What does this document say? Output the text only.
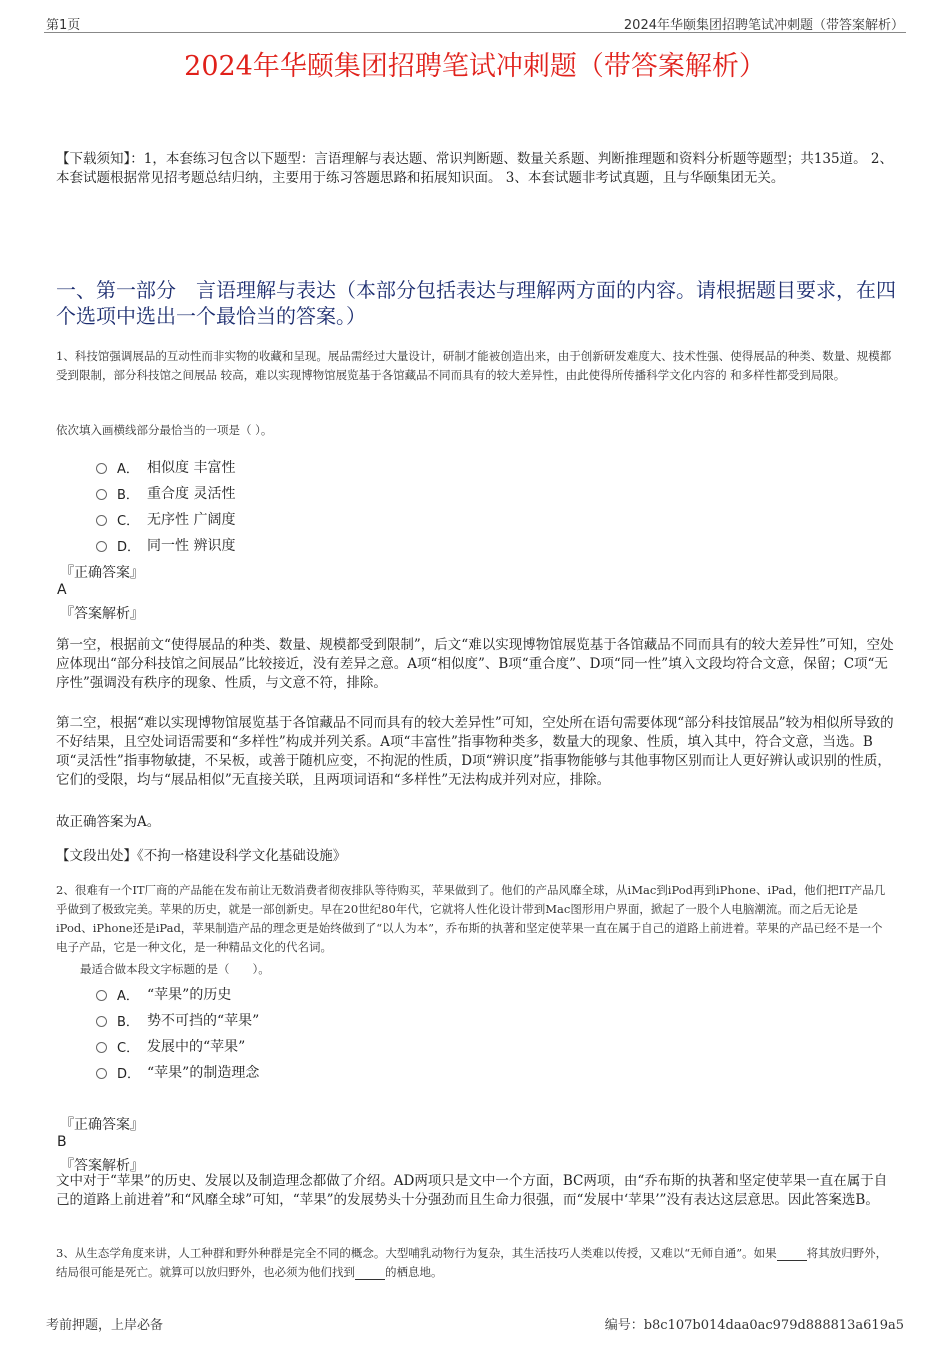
第1页	2024年华颐集团招聘笔试冲刺题（带答案解析）
2024年华颐集团招聘笔试冲刺题（带答案解析）
【下载须知】：1，本套练习包含以下题型：言语理解与表达题、常识判断题、数量关系题、判断推理题和资料分析题等题型；共135道。 2、本套试题根据常见招考题总结归纳，主要用于练习答题思路和拓展知识面。 3、本套试题非考试真题，且与华颐集团无关。
一、第一部分　言语理解与表达（本部分包括表达与理解两方面的内容。请根据题目要求，在四个选项中选出一个最恰当的答案。）
1、科技馆强调展品的互动性而非实物的收藏和呈现。展品需经过大量设计，研制才能被创造出来，由于创新研发难度大、技术性强、使得展品的种类、数量、规模都受到限制，部分科技馆之间展品 较高，难以实现博物馆展览基于各馆藏品不同而具有的较大差异性，由此使得所传播科学文化内容的 和多样性都受到局限。
依次填入画横线部分最恰当的一项是（ ）。
A． 相似度 丰富性
B． 重合度 灵活性
C． 无序性 广阔度
D． 同一性 辨识度
『正确答案』
A
『答案解析』
第一空，根据前文“使得展品的种类、数量、规模都受到限制”，后文“难以实现博物馆展览基于各馆藏品不同而具有的较大差异性”可知，空处应体现出“部分科技馆之间展品”比较接近，没有差异之意。A项“相似度”、B项“重合度”、D项“同一性”填入文段均符合文意，保留；C项“无序性”强调没有秩序的现象、性质，与文意不符，排除。
第二空，根据“难以实现博物馆展览基于各馆藏品不同而具有的较大差异性”可知，空处所在语句需要体现“部分科技馆展品”较为相似所导致的不好结果，且空处词语需要和“多样性”构成并列关系。A项“丰富性”指事物种类多，数量大的现象、性质，填入其中，符合文意，当选。B项“灵活性”指事物敏捷，不呆板，或善于随机应变，不拘泥的性质，D项“辨识度”指事物能够与其他事物区别而让人更好辨认或识别的性质，它们的受限，均与“展品相似”无直接关联，且两项词语和“多样性”无法构成并列对应，排除。
故正确答案为A。
【文段出处】《不拘一格建设科学文化基础设施》
2、很难有一个IT厂商的产品能在发布前让无数消费者彻夜排队等待购买，苹果做到了。他们的产品风靡全球，从iMac到iPod再到iPhone、iPad，他们把IT产品几乎做到了极致完美。苹果的历史，就是一部创新史。早在20世纪80年代，它就将人性化设计带到Mac图形用户界面，掀起了一股个人电脑潮流。而之后无论是iPod、iPhone还是iPad，苹果制造产品的理念更是始终做到了“以人为本”，乔布斯的执著和坚定使苹果一直在属于自己的道路上前进着。苹果的产品已经不是一个电子产品，它是一种文化，是一种精品文化的代名词。
最适合做本段文字标题的是（　　）。
A． “苹果”的历史
B． 势不可挡的“苹果”
C． 发展中的“苹果”
D． “苹果”的制造理念
『正确答案』
B
『答案解析』
文中对于“苹果”的历史、发展以及制造理念都做了介绍。AD两项只是文中一个方面，BC两项，由“乔布斯的执著和坚定使苹果一直在属于自己的道路上前进着”和“风靡全球”可知，“苹果”的发展势头十分强劲而且生命力很强，而“发展中‘苹果’”没有表达这层意思。因此答案选B。
3、从生态学角度来讲，人工种群和野外种群是完全不同的概念。大型哺乳动物行为复杂，其生活技巧人类难以传授，又难以“无师自通”。如果	将其放归野外，结局很可能是死亡。就算可以放归野外，也必须为他们找到	的栖息地。
考前押题，上岸必备	编号：b8c107b014daa0ac979d888813a619a5
